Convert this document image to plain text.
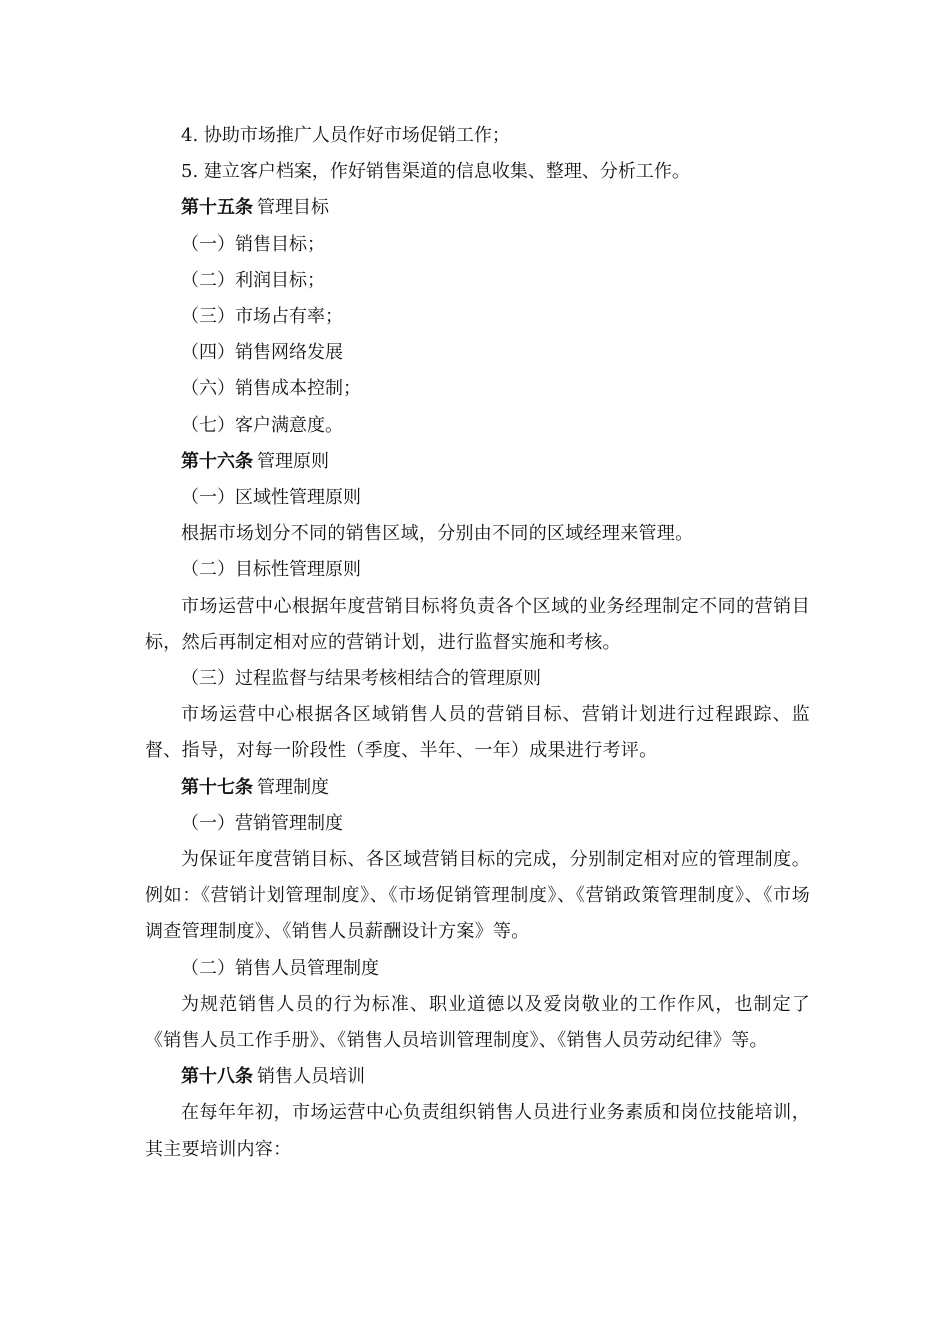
4. 协助市场推广人员作好市场促销工作；

5. 建立客户档案，作好销售渠道的信息收集、整理、分析工作。

第十五条 管理目标

（一）销售目标；

（二）利润目标；

（三）市场占有率；

（四）销售网络发展

（六）销售成本控制；

（七）客户满意度。

第十六条 管理原则

（一）区域性管理原则

根据市场划分不同的销售区域，分别由不同的区域经理来管理。

（二）目标性管理原则

市场运营中心根据年度营销目标将负责各个区域的业务经理制定不同的营销目标，然后再制定相对应的营销计划，进行监督实施和考核。

（三）过程监督与结果考核相结合的管理原则

市场运营中心根据各区域销售人员的营销目标、营销计划进行过程跟踪、监督、指导，对每一阶段性（季度、半年、一年）成果进行考评。

第十七条 管理制度

（一）营销管理制度

为保证年度营销目标、各区域营销目标的完成，分别制定相对应的管理制度。例如：《营销计划管理制度》、《市场促销管理制度》、《营销政策管理制度》、《市场调查管理制度》、《销售人员薪酬设计方案》等。

（二）销售人员管理制度

为规范销售人员的行为标准、职业道德以及爱岗敬业的工作作风，也制定了《销售人员工作手册》、《销售人员培训管理制度》、《销售人员劳动纪律》等。

第十八条 销售人员培训

在每年年初，市场运营中心负责组织销售人员进行业务素质和岗位技能培训，其主要培训内容：
